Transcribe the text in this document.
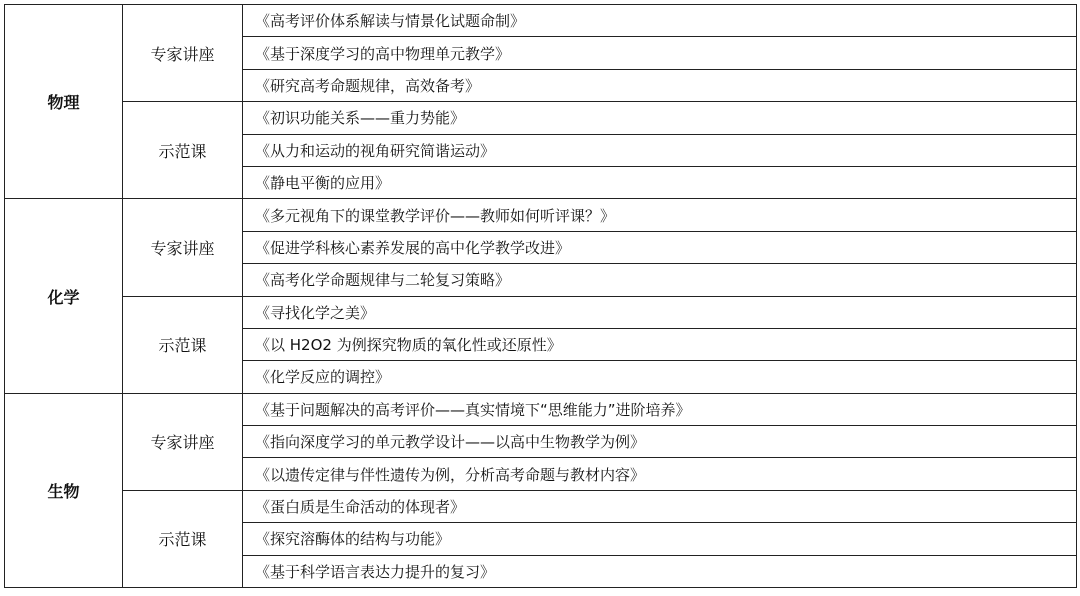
物理	专家讲座	《高考评价体系解读与情景化试题命制》
		《基于深度学习的高中物理单元教学》
		《研究高考命题规律，高效备考》
	示范课	《初识功能关系——重力势能》
		《从力和运动的视角研究简谐运动》
		《静电平衡的应用》
化学	专家讲座	《多元视角下的课堂教学评价——教师如何听评课？》
		《促进学科核心素养发展的高中化学教学改进》
		《高考化学命题规律与二轮复习策略》
	示范课	《寻找化学之美》
		《以 H2O2 为例探究物质的氧化性或还原性》
		《化学反应的调控》
生物	专家讲座	《基于问题解决的高考评价——真实情境下“思维能力”进阶培养》
		《指向深度学习的单元教学设计——以高中生物教学为例》
		《以遗传定律与伴性遗传为例，分析高考命题与教材内容》
	示范课	《蛋白质是生命活动的体现者》
		《探究溶酶体的结构与功能》
		《基于科学语言表达力提升的复习》
